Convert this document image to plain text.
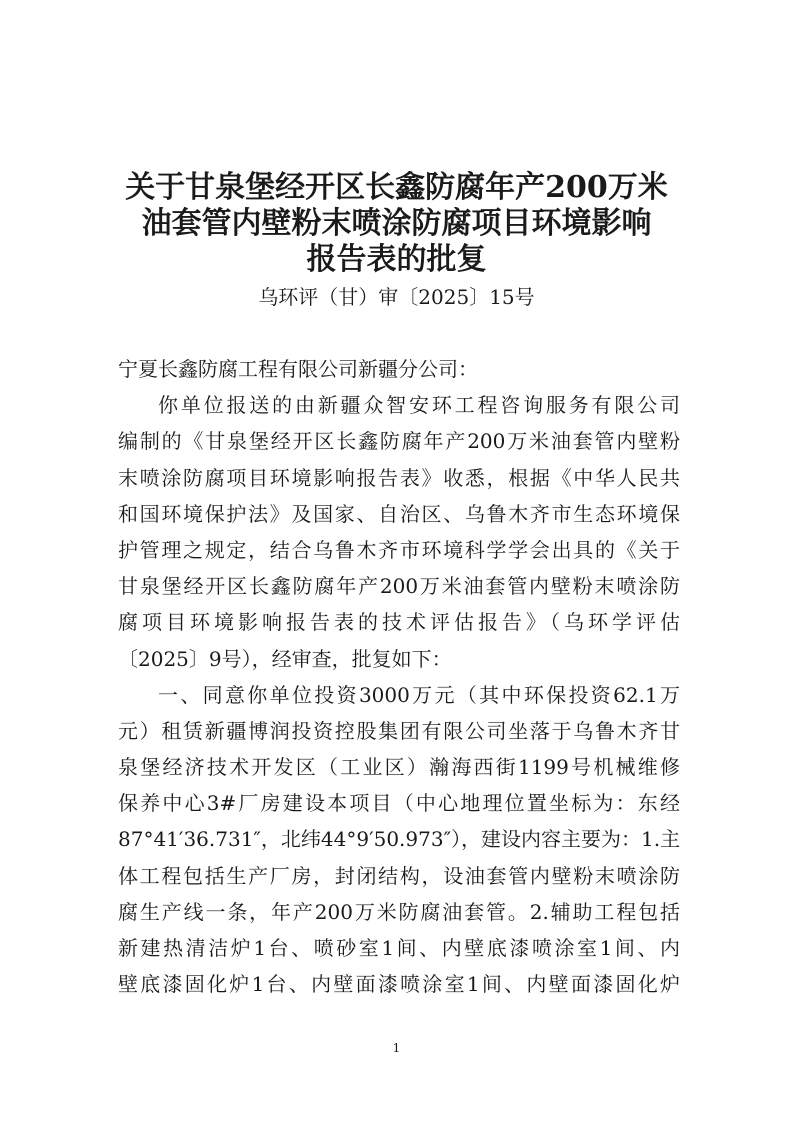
关于甘泉堡经开区长鑫防腐年产200万米
油套管内壁粉末喷涂防腐项目环境影响
报告表的批复
乌环评（甘）审〔2025〕15号
宁夏长鑫防腐工程有限公司新疆分公司：
你单位报送的由新疆众智安环工程咨询服务有限公司
编制的《甘泉堡经开区长鑫防腐年产200万米油套管内壁粉
末喷涂防腐项目环境影响报告表》收悉，根据《中华人民共
和国环境保护法》及国家、自治区、乌鲁木齐市生态环境保
护管理之规定，结合乌鲁木齐市环境科学学会出具的《关于
甘泉堡经开区长鑫防腐年产200万米油套管内壁粉末喷涂防
腐项目环境影响报告表的技术评估报告》（乌环学评估
〔2025〕9号），经审查，批复如下：
一、同意你单位投资3000万元（其中环保投资62.1万
元）租赁新疆博润投资控股集团有限公司坐落于乌鲁木齐甘
泉堡经济技术开发区（工业区）瀚海西街1199号机械维修
保养中心3#厂房建设本项目（中心地理位置坐标为：东经
87°41′36.731″，北纬44°9′50.973″），建设内容主要为：1.主
体工程包括生产厂房，封闭结构，设油套管内壁粉末喷涂防
腐生产线一条，年产200万米防腐油套管。2.辅助工程包括
新建热清洁炉1台、喷砂室1间、内壁底漆喷涂室1间、内
壁底漆固化炉1台、内壁面漆喷涂室1间、内壁面漆固化炉
1
